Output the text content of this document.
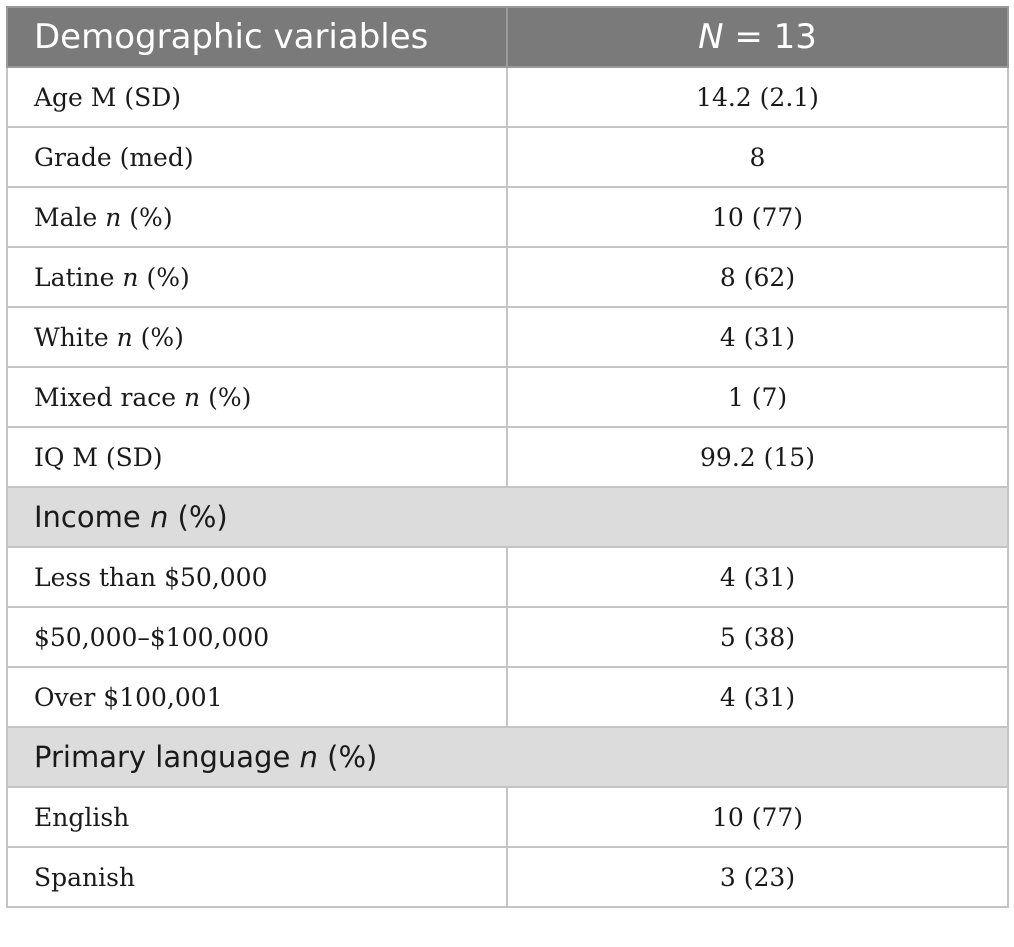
Demographic variables	N = 13
Age M (SD)	14.2 (2.1)
Grade (med)	8
Male n (%)	10 (77)
Latine n (%)	8 (62)
White n (%)	4 (31)
Mixed race n (%)	1 (7)
IQ M (SD)	99.2 (15)
Income n (%)	
Less than $50,000	4 (31)
$50,000–$100,000	5 (38)
Over $100,001	4 (31)
Primary language n (%)	
English	10 (77)
Spanish	3 (23)
